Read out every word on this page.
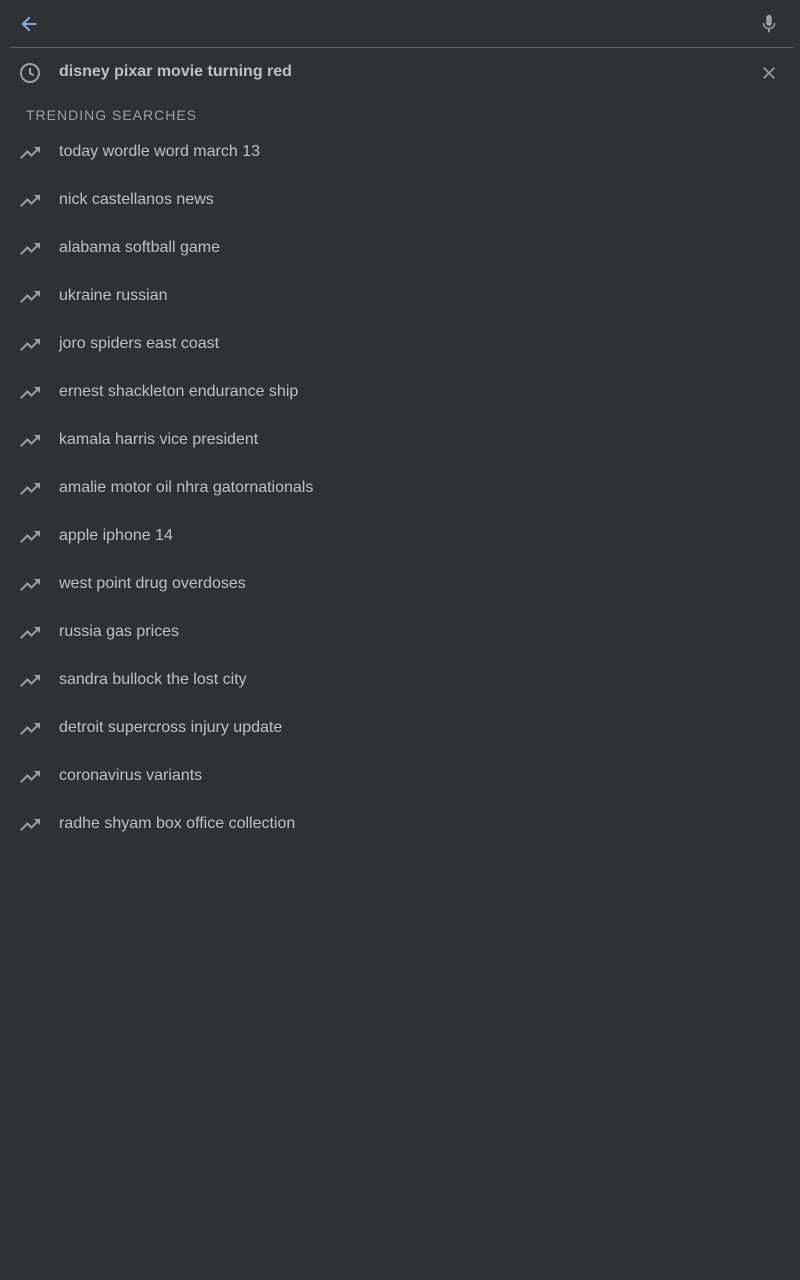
disney pixar movie turning red
TRENDING SEARCHES
today wordle word march 13
nick castellanos news
alabama softball game
ukraine russian
joro spiders east coast
ernest shackleton endurance ship
kamala harris vice president
amalie motor oil nhra gatornationals
apple iphone 14
west point drug overdoses
russia gas prices
sandra bullock the lost city
detroit supercross injury update
coronavirus variants
radhe shyam box office collection
